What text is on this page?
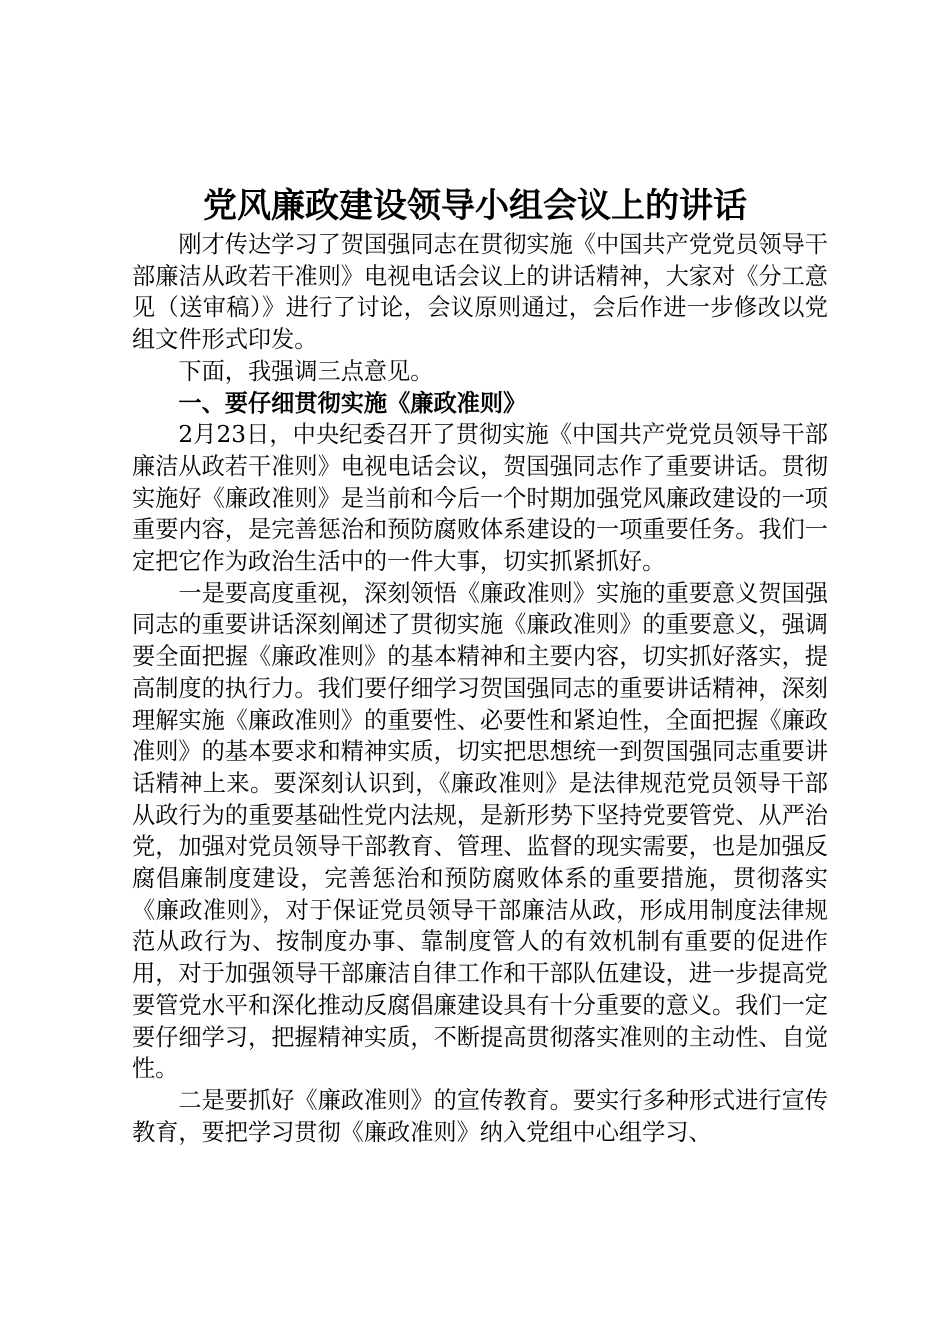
党风廉政建设领导小组会议上的讲话

刚才传达学习了贺国强同志在贯彻实施《中国共产党党员领导干部廉洁从政若干准则》电视电话会议上的讲话精神，大家对《分工意见（送审稿）》进行了讨论，会议原则通过，会后作进一步修改以党组文件形式印发。

下面，我强调三点意见。

一、要仔细贯彻实施《廉政准则》

2月23日，中央纪委召开了贯彻实施《中国共产党党员领导干部廉洁从政若干准则》电视电话会议，贺国强同志作了重要讲话。贯彻实施好《廉政准则》是当前和今后一个时期加强党风廉政建设的一项重要内容，是完善惩治和预防腐败体系建设的一项重要任务。我们一定把它作为政治生活中的一件大事，切实抓紧抓好。

一是要高度重视，深刻领悟《廉政准则》实施的重要意义贺国强同志的重要讲话深刻阐述了贯彻实施《廉政准则》的重要意义，强调要全面把握《廉政准则》的基本精神和主要内容，切实抓好落实，提高制度的执行力。我们要仔细学习贺国强同志的重要讲话精神，深刻理解实施《廉政准则》的重要性、必要性和紧迫性，全面把握《廉政准则》的基本要求和精神实质，切实把思想统一到贺国强同志重要讲话精神上来。要深刻认识到，《廉政准则》是法律规范党员领导干部从政行为的重要基础性党内法规，是新形势下坚持党要管党、从严治党，加强对党员领导干部教育、管理、监督的现实需要，也是加强反腐倡廉制度建设，完善惩治和预防腐败体系的重要措施，贯彻落实《廉政准则》，对于保证党员领导干部廉洁从政，形成用制度法律规范从政行为、按制度办事、靠制度管人的有效机制有重要的促进作用，对于加强领导干部廉洁自律工作和干部队伍建设，进一步提高党要管党水平和深化推动反腐倡廉建设具有十分重要的意义。我们一定要仔细学习，把握精神实质，不断提高贯彻落实准则的主动性、自觉性。

二是要抓好《廉政准则》的宣传教育。要实行多种形式进行宣传教育，要把学习贯彻《廉政准则》纳入党组中心组学习、
